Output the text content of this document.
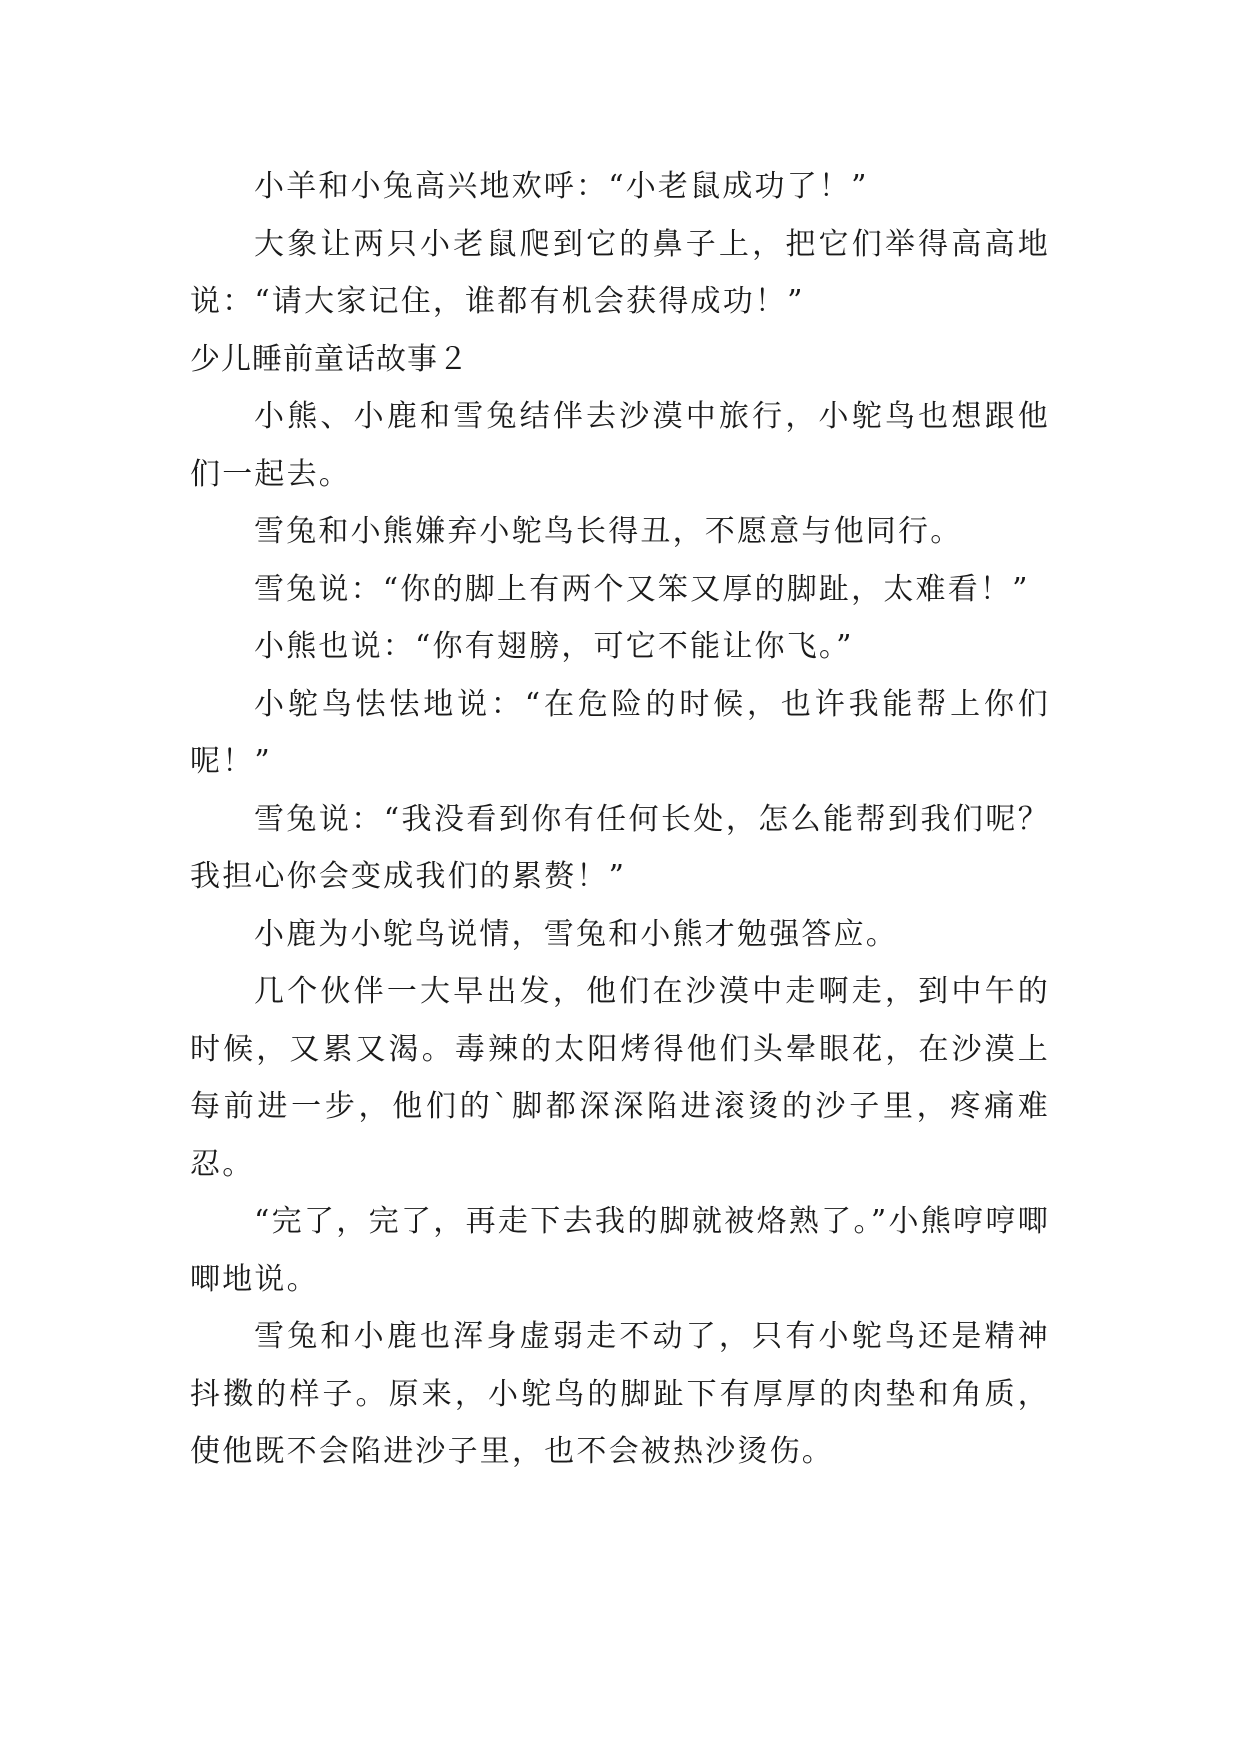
小羊和小兔高兴地欢呼：“小老鼠成功了！”

大象让两只小老鼠爬到它的鼻子上，把它们举得高高地说：“请大家记住，谁都有机会获得成功！”

少儿睡前童话故事２

小熊、小鹿和雪兔结伴去沙漠中旅行，小鸵鸟也想跟他们一起去。

雪兔和小熊嫌弃小鸵鸟长得丑，不愿意与他同行。

雪兔说：“你的脚上有两个又笨又厚的脚趾，太难看！”

小熊也说：“你有翅膀，可它不能让你飞。”

小鸵鸟怯怯地说：“在危险的时候，也许我能帮上你们呢！”

雪兔说：“我没看到你有任何长处，怎么能帮到我们呢？我担心你会变成我们的累赘！”

小鹿为小鸵鸟说情，雪兔和小熊才勉强答应。

几个伙伴一大早出发，他们在沙漠中走啊走，到中午的时候，又累又渴。毒辣的太阳烤得他们头晕眼花，在沙漠上每前进一步，他们的`脚都深深陷进滚烫的沙子里，疼痛难忍。

“完了，完了，再走下去我的脚就被烙熟了。”小熊哼哼唧唧地说。

雪兔和小鹿也浑身虚弱走不动了，只有小鸵鸟还是精神抖擞的样子。原来，小鸵鸟的脚趾下有厚厚的肉垫和角质，使他既不会陷进沙子里，也不会被热沙烫伤。
